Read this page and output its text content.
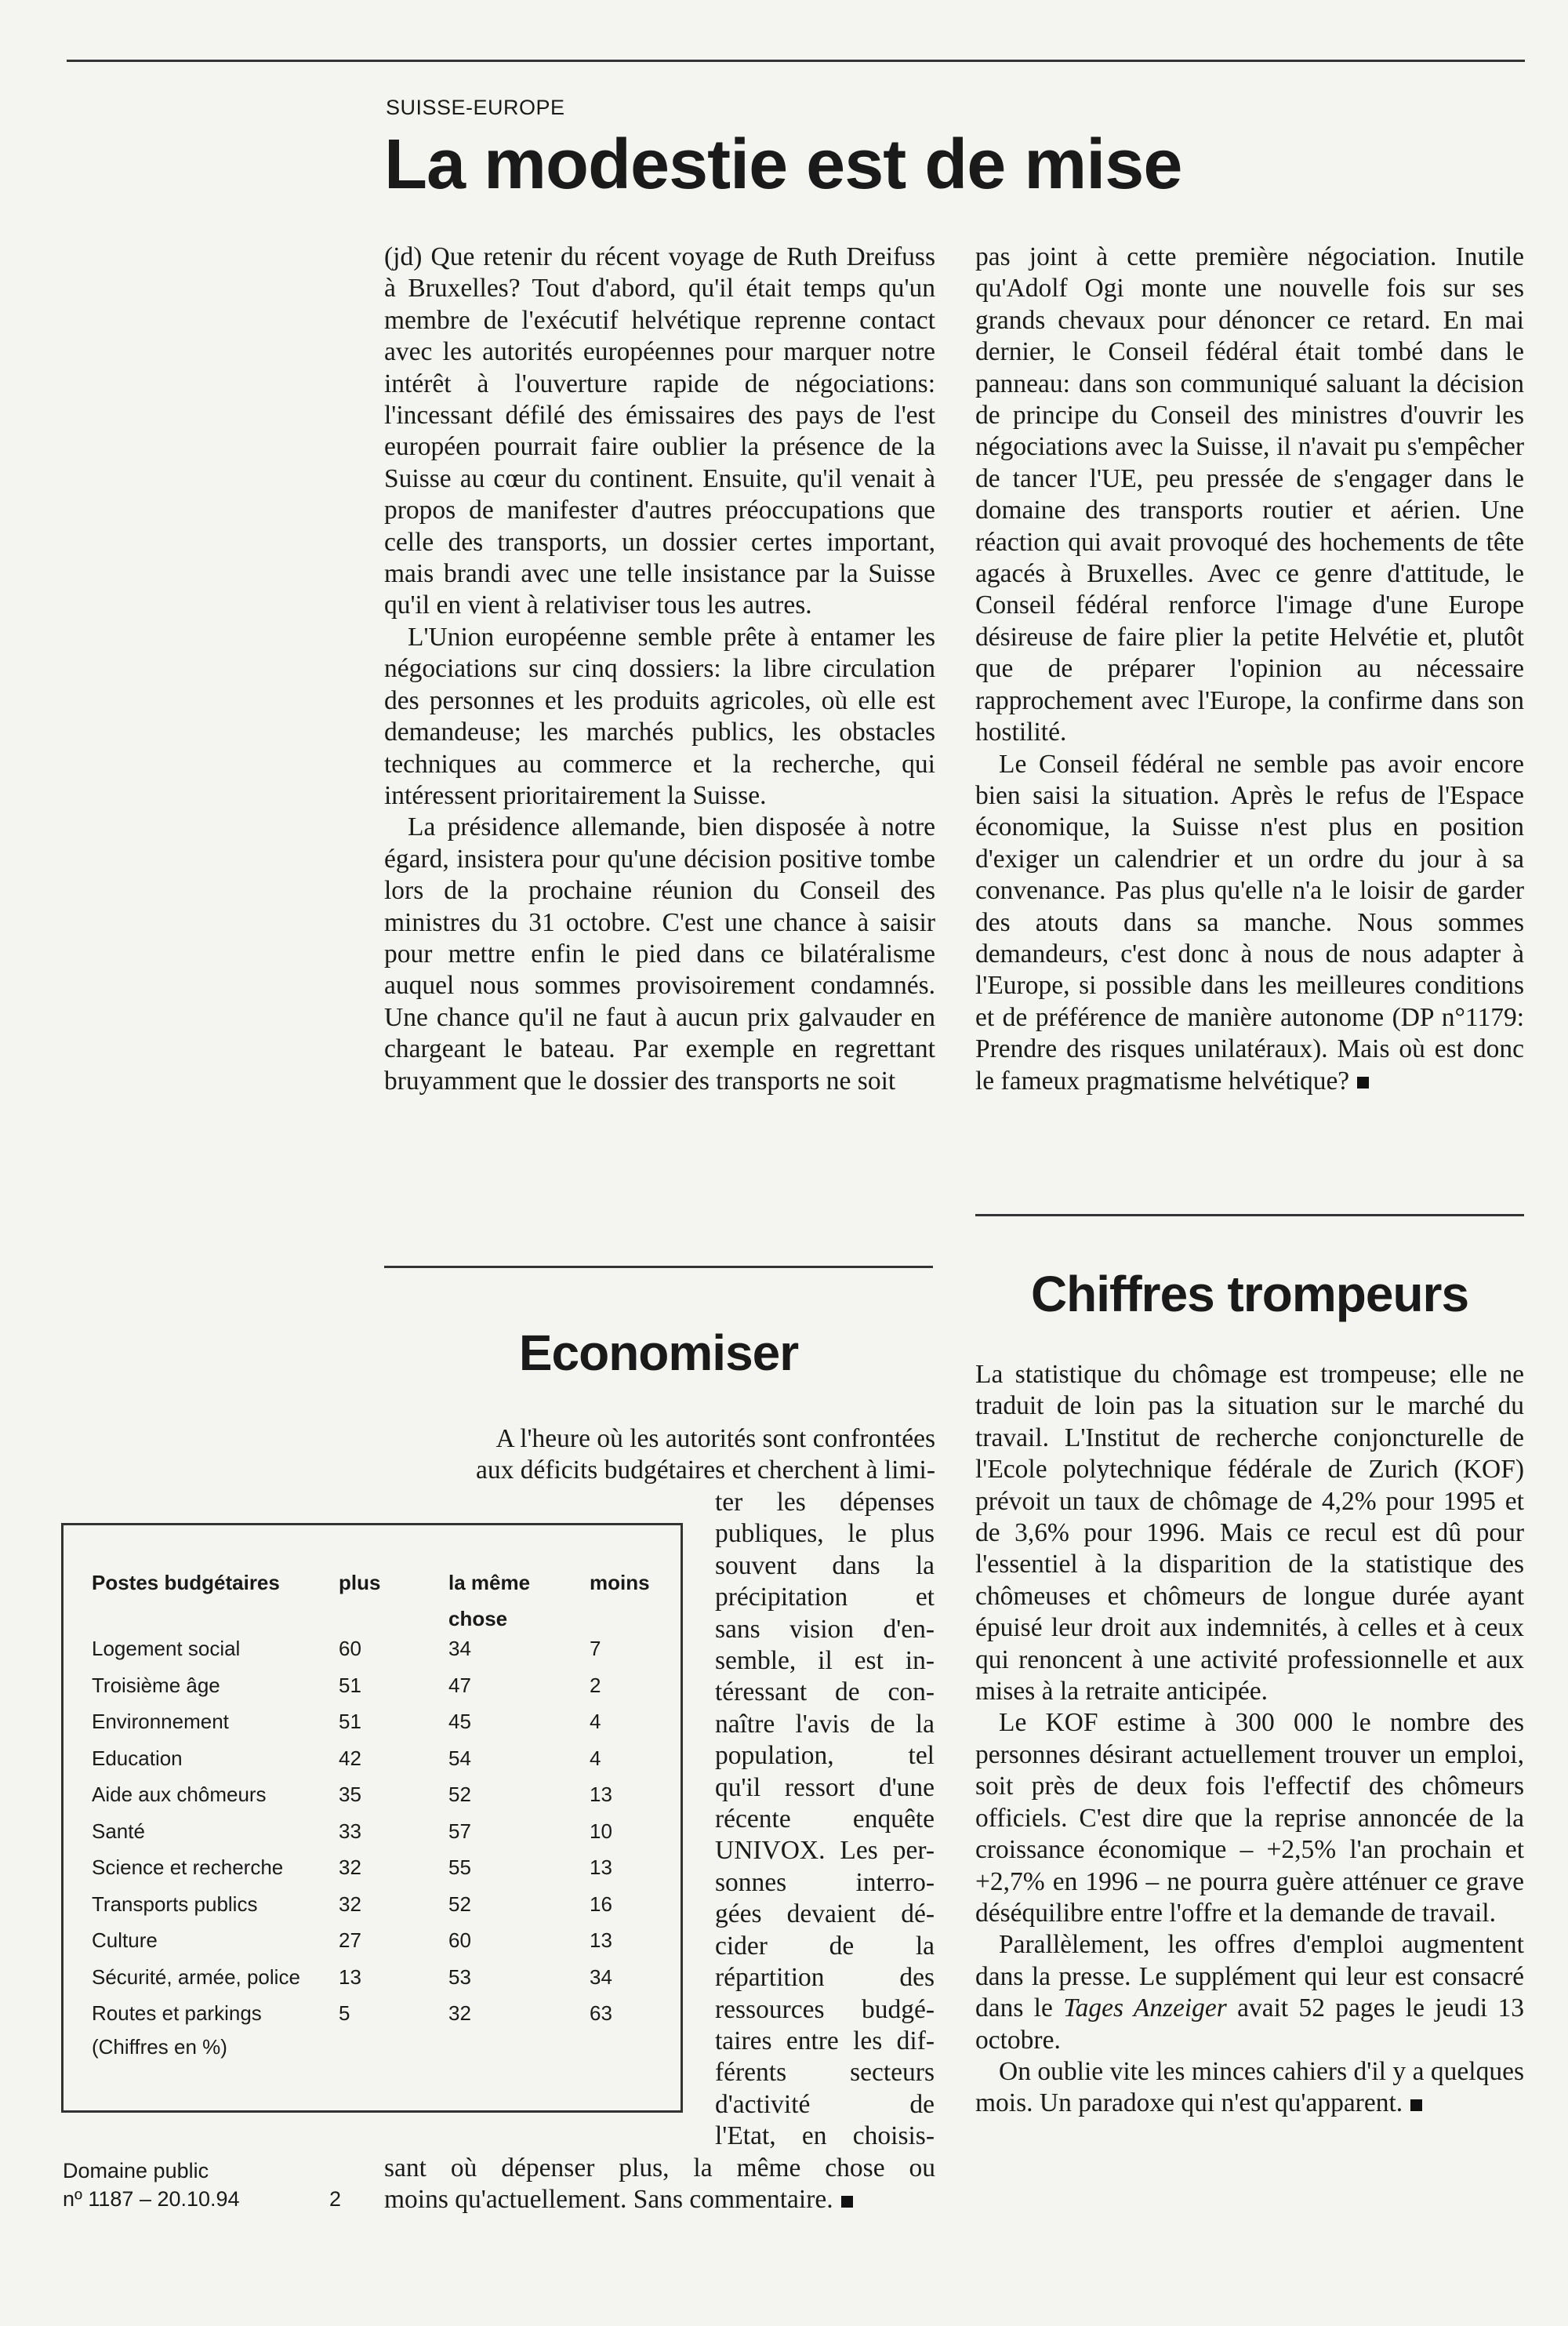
SUISSE-EUROPE
La modestie est de mise

(jd) Que retenir du récent voyage de Ruth Dreifuss à Bruxelles? Tout d'abord, qu'il était temps qu'un membre de l'exécutif helvétique reprenne contact avec les autorités européennes pour marquer notre intérêt à l'ouverture rapide de négociations: l'incessant défilé des émissaires des pays de l'est européen pourrait faire oublier la présence de la Suisse au cœur du continent. Ensuite, qu'il venait à propos de manifester d'autres préoccupations que celle des transports, un dossier certes important, mais brandi avec une telle insistance par la Suisse qu'il en vient à relativiser tous les autres.

L'Union européenne semble prête à entamer les négociations sur cinq dossiers: la libre circulation des personnes et les produits agricoles, où elle est demandeuse; les marchés publics, les obstacles techniques au commerce et la recherche, qui intéressent prioritairement la Suisse.

La présidence allemande, bien disposée à notre égard, insistera pour qu'une décision positive tombe lors de la prochaine réunion du Conseil des ministres du 31 octobre. C'est une chance à saisir pour mettre enfin le pied dans ce bilatéralisme auquel nous sommes provisoirement condamnés. Une chance qu'il ne faut à aucun prix galvauder en chargeant le bateau. Par exemple en regrettant bruyamment que le dossier des transports ne soit

pas joint à cette première négociation. Inutile qu'Adolf Ogi monte une nouvelle fois sur ses grands chevaux pour dénoncer ce retard. En mai dernier, le Conseil fédéral était tombé dans le panneau: dans son communiqué saluant la décision de principe du Conseil des ministres d'ouvrir les négociations avec la Suisse, il n'avait pu s'empêcher de tancer l'UE, peu pressée de s'engager dans le domaine des transports routier et aérien. Une réaction qui avait provoqué des hochements de tête agacés à Bruxelles. Avec ce genre d'attitude, le Conseil fédéral renforce l'image d'une Europe désireuse de faire plier la petite Helvétie et, plutôt que de préparer l'opinion au nécessaire rapprochement avec l'Europe, la confirme dans son hostilité.

Le Conseil fédéral ne semble pas avoir encore bien saisi la situation. Après le refus de l'Espace économique, la Suisse n'est plus en position d'exiger un calendrier et un ordre du jour à sa convenance. Pas plus qu'elle n'a le loisir de garder des atouts dans sa manche. Nous sommes demandeurs, c'est donc à nous de nous adapter à l'Europe, si possible dans les meilleures conditions et de préférence de manière autonome (DP n°1179: Prendre des risques unilatéraux). Mais où est donc le fameux pragmatisme helvétique?

Economiser
A l'heure où les autorités sont confrontées
aux déficits budgétaires et cherchent à limi-
ter les dépenses
publiques, le plus
souvent dans la
précipitation et
sans vision d'en-
semble, il est in-
téressant de con-
naître l'avis de la
population, tel
qu'il ressort d'une
récente enquête
UNIVOX. Les per-
sonnes interro-
gées devaient dé-
cider de la
répartition des
ressources budgé-
taires entre les dif-
férents secteurs
d'activité de
l'Etat, en choisis-
sant où dépenser plus, la même chose ou
moins qu'actuellement. Sans commentaire.
Postes budgétaires	plus	la même chose	moins
Logement social	60	34	7
Troisième âge	51	47	2
Environnement	51	45	4
Education	42	54	4
Aide aux chômeurs	35	52	13
Santé	33	57	10
Science et recherche	32	55	13
Transports publics	32	52	16
Culture	27	60	13
Sécurité, armée, police	13	53	34
Routes et parkings	5	32	63
(Chiffres en %)
Chiffres trompeurs

La statistique du chômage est trompeuse; elle ne traduit de loin pas la situation sur le marché du travail. L'Institut de recherche conjoncturelle de l'Ecole polytechnique fédérale de Zurich (KOF) prévoit un taux de chômage de 4,2% pour 1995 et de 3,6% pour 1996. Mais ce recul est dû pour l'essentiel à la disparition de la statistique des chômeuses et chômeurs de longue durée ayant épuisé leur droit aux indemnités, à celles et à ceux qui renoncent à une activité professionnelle et aux mises à la retraite anticipée.

Le KOF estime à 300 000 le nombre des personnes désirant actuellement trouver un emploi, soit près de deux fois l'effectif des chômeurs officiels. C'est dire que la reprise annoncée de la croissance économique – +2,5% l'an prochain et +2,7% en 1996 – ne pourra guère atténuer ce grave déséquilibre entre l'offre et la demande de travail.

Parallèlement, les offres d'emploi augmentent dans la presse. Le supplément qui leur est consacré dans le Tages Anzeiger avait 52 pages le jeudi 13 octobre.

On oublie vite les minces cahiers d'il y a quelques mois. Un paradoxe qui n'est qu'apparent.

Domaine public
nº 1187 – 20.10.94	2
